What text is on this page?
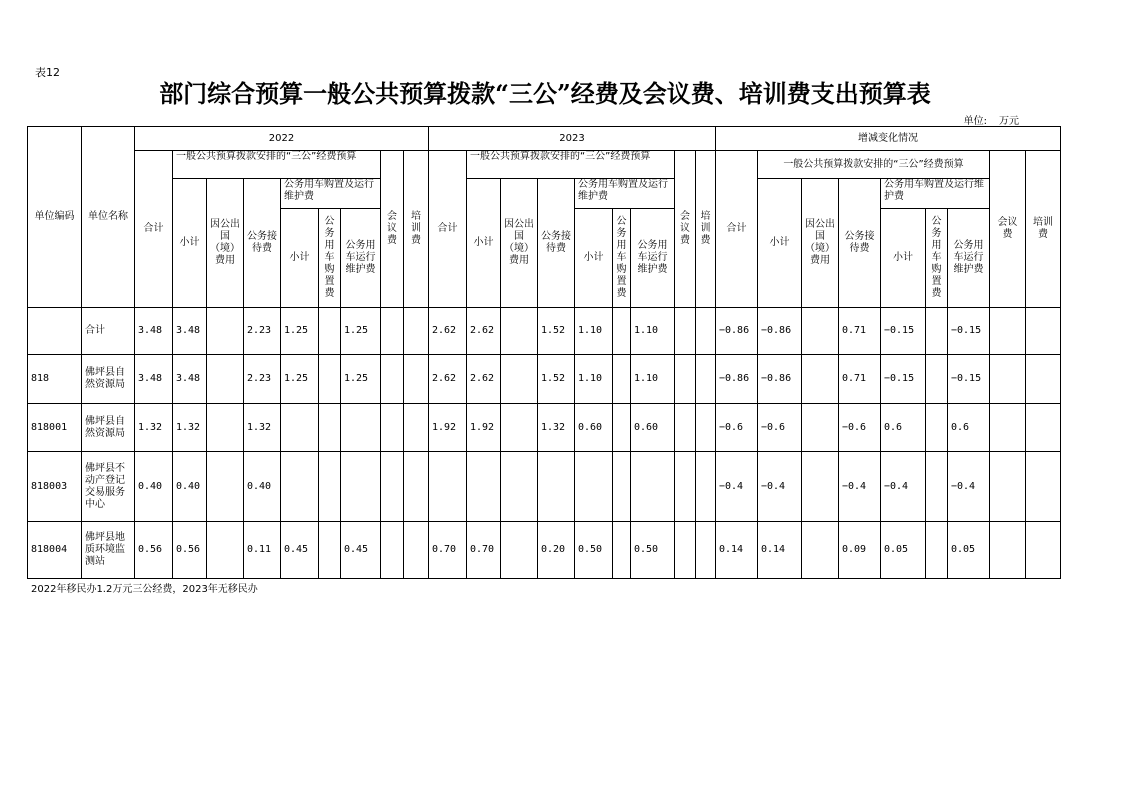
表12
部门综合预算一般公共预算拨款“三公”经费及会议费、培训费支出预算表
单位: 万元
单位编码	单位名称	2022									2023									增减变化情况								
		合计	一般公共预算拨款安排的“三公”经费预算						会议费	培训费	合计	一般公共预算拨款安排的“三公”经费预算						会议费	培训费	合计	一般公共预算拨款安排的“三公”经费预算						会议费	培训费
			小计	因公出国（境）费用	公务接待费	公务用车购置及运行维护费						小计	因公出国（境）费用	公务接待费	公务用车购置及运行维护费						小计	因公出国（境）费用	公务接待费	公务用车购置及运行维护费				
						小计	公务用车购置费	公务用车运行维护费							小计	公务用车购置费	公务用车运行维护费							小计	公务用车购置费	公务用车运行维护费		
	合计	3.48	3.48		2.23	1.25		1.25			2.62	2.62		1.52	1.10		1.10			−0.86	−0.86		0.71	−0.15		−0.15		
818	佛坪县自然资源局	3.48	3.48		2.23	1.25		1.25			2.62	2.62		1.52	1.10		1.10			−0.86	−0.86		0.71	−0.15		−0.15		
818001	佛坪县自然资源局	1.32	1.32		1.32						1.92	1.92		1.32	0.60		0.60			−0.6	−0.6		−0.6	0.6		0.6		
818003	佛坪县不动产登记交易服务中心	0.40	0.40		0.40															−0.4	−0.4		−0.4	−0.4		−0.4		
818004	佛坪县地质环境监测站	0.56	0.56		0.11	0.45		0.45			0.70	0.70		0.20	0.50		0.50			0.14	0.14		0.09	0.05		0.05		
2022年移民办1.2万元三公经费，2023年无移民办
